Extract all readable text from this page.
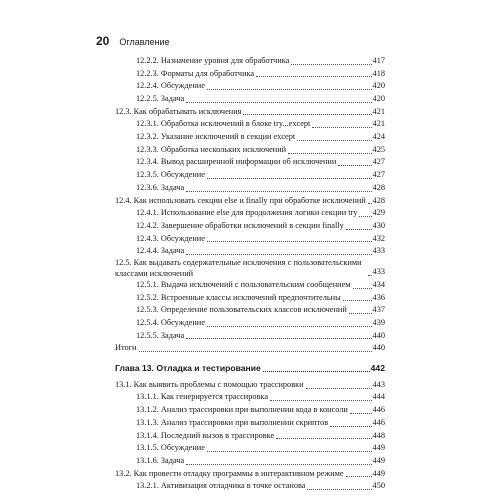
20 Оглавление
12.2.2. Назначение уровня для обработчика	417
12.2.3. Форматы для обработчика	418
12.2.4. Обсуждение	420
12.2.5. Задача	420
12.3. Как обрабатывать исключения	421
12.3.1. Обработка исключений в блоке try...except	421
12.3.2. Указание исключений в секции except	424
12.3.3. Обработка нескольких исключений	425
12.3.4. Вывод расширенной информации об исключении	427
12.3.5. Обсуждение	427
12.3.6. Задача	428
12.4. Как использовать секции else и finally при обработке исключений 428
12.4.1. Использование else для продолжения логики секции try 429
12.4.2. Завершение обработки исключений в секции finally	430
12.4.3. Обсуждение	432
12.4.4. Задача	433
12.5. Как выдавать содержательные исключения с пользовательскими классами исключений	433
12.5.1. Выдача исключений с пользовательским сообщением	434
12.5.2. Встроенные классы исключений предпочтительны	436
12.5.3. Определение пользовательских классов исключений	437
12.5.4. Обсуждение	439
12.5.5. Задача	440
Итоги	440
Глава 13. Отладка и тестирование	442
13.1. Как выявить проблемы с помощью трассировки	443
13.1.1. Как генерируется трассировка	444
13.1.2. Анализ трассировки при выполнении кода в консоли	446
13.1.3. Анализ трассировки при выполнении скриптов	446
13.1.4. Последний вызов в трассировке	448
13.1.5. Обсуждение	449
13.1.6. Задача	449
13.2. Как провести отладку программы в интерактивном режиме	449
13.2.1. Активизация отладчика в точке останова	450
